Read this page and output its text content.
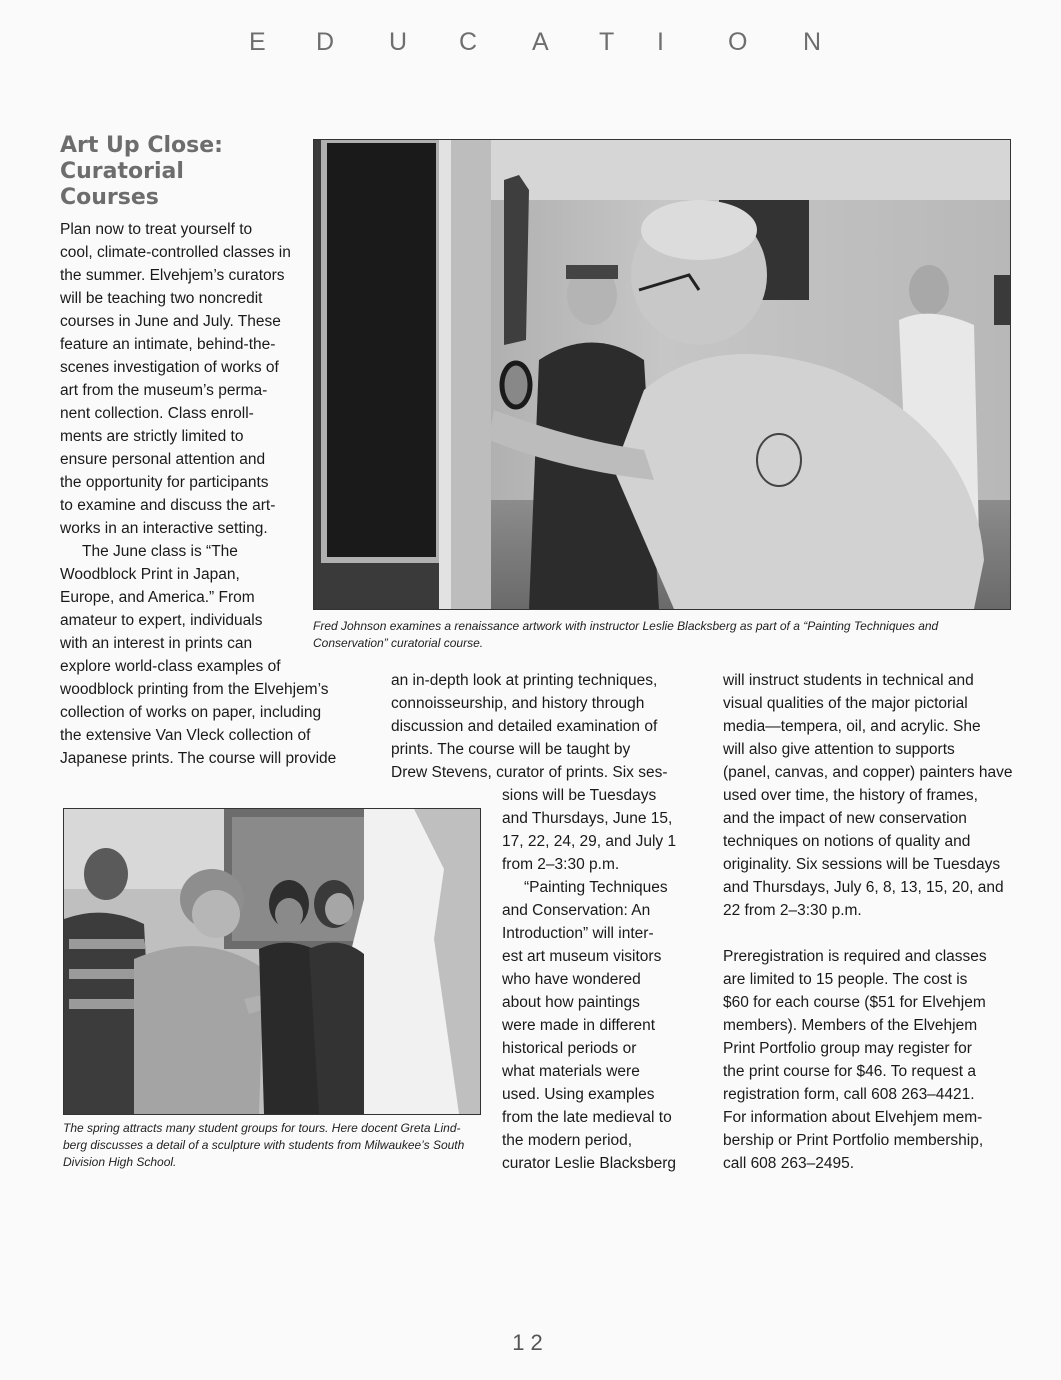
E D U C A T I	O N
Art Up Close:
Curatorial
Courses
Plan now to treat yourself to
cool, climate-controlled classes in
the summer. Elvehjem’s curators
will be teaching two noncredit
courses in June and July. These
feature an intimate, behind-the-
scenes investigation of works of
art from the museum’s perma-
nent collection. Class enroll-
ments are strictly limited to
ensure personal attention and
the opportunity for participants
to examine and discuss the art-
works in an interactive setting.
The June class is “The
Woodblock Print in Japan,
Europe, and America.” From
amateur to expert, individuals
with an interest in prints can
explore world-class examples of
woodblock printing from the Elvehjem’s
collection of works on paper, including
the extensive Van Vleck collection of
Japanese prints. The course will provide
Fred Johnson examines a renaissance artwork with instructor Leslie Blacksberg as part of a “Painting Techniques and
Conservation” curatorial course.
an in-depth look at printing techniques,
connoisseurship, and history through
discussion and detailed examination of
prints. The course will be taught by
Drew Stevens, curator of prints. Six ses-
sions will be Tuesdays
and Thursdays, June 15,
17, 22, 24, 29, and July 1
from 2–3:30 p.m.
“Painting Techniques
and Conservation: An
Introduction” will inter-
est art museum visitors
who have wondered
about how paintings
were made in different
historical periods or
what materials were
used. Using examples
from the late medieval to
the modern period,
curator Leslie Blacksberg
The spring attracts many student groups for tours. Here docent Greta Lind-
berg discusses a detail of a sculpture with students from Milwaukee’s South
Division High School.
will instruct students in technical and
visual qualities of the major pictorial
media—tempera, oil, and acrylic. She
will also give attention to supports
(panel, canvas, and copper) painters have
used over time, the history of frames,
and the impact of new conservation
techniques on notions of quality and
originality. Six sessions will be Tuesdays
and Thursdays, July 6, 8, 13, 15, 20, and
22 from 2–3:30 p.m.
Preregistration is required and classes
are limited to 15 people. The cost is
$60 for each course ($51 for Elvehjem
members). Members of the Elvehjem
Print Portfolio group may register for
the print course for $46. To request a
registration form, call 608 263–4421.
For information about Elvehjem mem-
bership or Print Portfolio membership,
call 608 263–2495.
12
